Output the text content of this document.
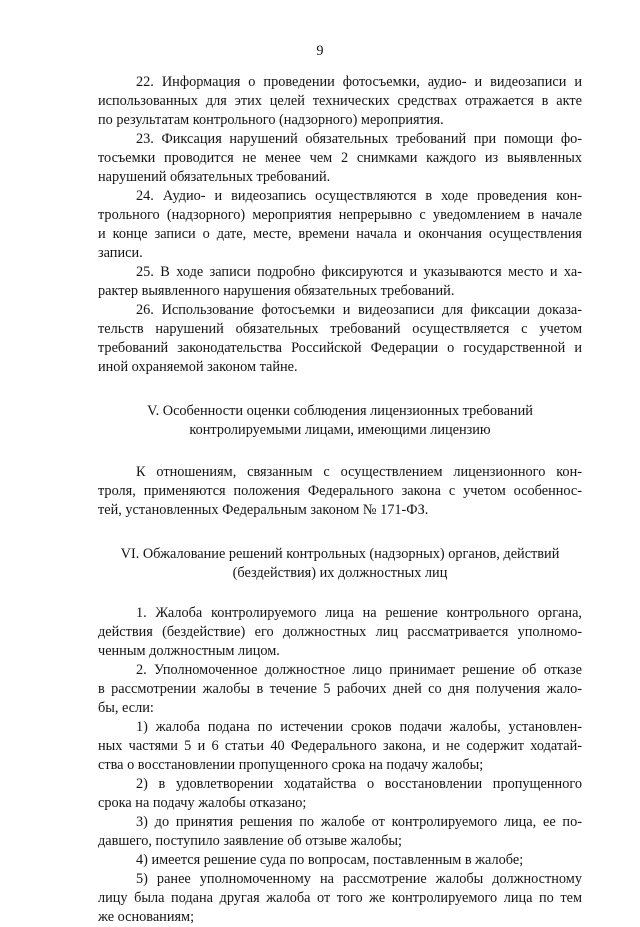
9
22. Информация о проведении фотосъемки, аудио- и видеозаписи и
использованных для этих целей технических средствах отражается в акте
по результатам контрольного (надзорного) мероприятия.
23. Фиксация нарушений обязательных требований при помощи фо-
тосъемки проводится не менее чем 2 снимками каждого из выявленных
нарушений обязательных требований.
24. Аудио- и видеозапись осуществляются в ходе проведения кон-
трольного (надзорного) мероприятия непрерывно с уведомлением в начале
и конце записи о дате, месте, времени начала и окончания осуществления
записи.
25. В ходе записи подробно фиксируются и указываются место и ха-
рактер выявленного нарушения обязательных требований.
26. Использование фотосъемки и видеозаписи для фиксации доказа-
тельств нарушений обязательных требований осуществляется с учетом
требований законодательства Российской Федерации о государственной и
иной охраняемой законом тайне.
V. Особенности оценки соблюдения лицензионных требований
контролируемыми лицами, имеющими лицензию
К отношениям, связанным с осуществлением лицензионного кон-
троля, применяются положения Федерального закона с учетом особеннос-
тей, установленных Федеральным законом № 171-ФЗ.
VI. Обжалование решений контрольных (надзорных) органов, действий
(бездействия) их должностных лиц
1. Жалоба контролируемого лица на решение контрольного органа,
действия (бездействие) его должностных лиц рассматривается уполномо-
ченным должностным лицом.
2. Уполномоченное должностное лицо принимает решение об отказе
в рассмотрении жалобы в течение 5 рабочих дней со дня получения жало-
бы, если:
1) жалоба подана по истечении сроков подачи жалобы, установлен-
ных частями 5 и 6 статьи 40 Федерального закона, и не содержит ходатай-
ства о восстановлении пропущенного срока на подачу жалобы;
2) в удовлетворении ходатайства о восстановлении пропущенного
срока на подачу жалобы отказано;
3) до принятия решения по жалобе от контролируемого лица, ее по-
давшего, поступило заявление об отзыве жалобы;
4) имеется решение суда по вопросам, поставленным в жалобе;
5) ранее уполномоченному на рассмотрение жалобы должностному
лицу была подана другая жалоба от того же контролируемого лица по тем
же основаниям;
